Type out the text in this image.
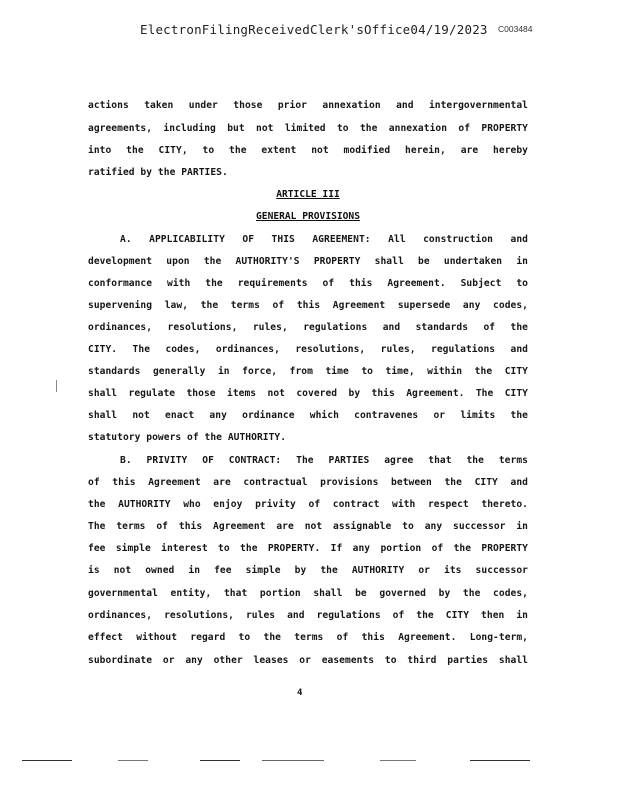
ElectronFilingReceivedClerk'sOffice04/19/2023 C003484
actions taken under those prior annexation and intergovernmental
agreements, including but not limited to the annexation of PROPERTY
into the CITY, to the extent not modified herein, are hereby
ratified by the PARTIES.
ARTICLE III
GENERAL PROVISIONS
A. APPLICABILITY OF THIS AGREEMENT: All construction and
development upon the AUTHORITY'S PROPERTY shall be undertaken in
conformance with the requirements of this Agreement. Subject to
supervening law, the terms of this Agreement supersede any codes,
ordinances, resolutions, rules, regulations and standards of the
CITY. The codes, ordinances, resolutions, rules, regulations and
standards generally in force, from time to time, within the CITY
shall regulate those items not covered by this Agreement. The CITY
shall not enact any ordinance which contravenes or limits the
statutory powers of the AUTHORITY.
B. PRIVITY OF CONTRACT: The PARTIES agree that the terms
of this Agreement are contractual provisions between the CITY and
the AUTHORITY who enjoy privity of contract with respect thereto.
The terms of this Agreement are not assignable to any successor in
fee simple interest to the PROPERTY. If any portion of the PROPERTY
is not owned in fee simple by the AUTHORITY or its successor
governmental entity, that portion shall be governed by the codes,
ordinances, resolutions, rules and regulations of the CITY then in
effect without regard to the terms of this Agreement. Long-term,
subordinate or any other leases or easements to third parties shall
4
